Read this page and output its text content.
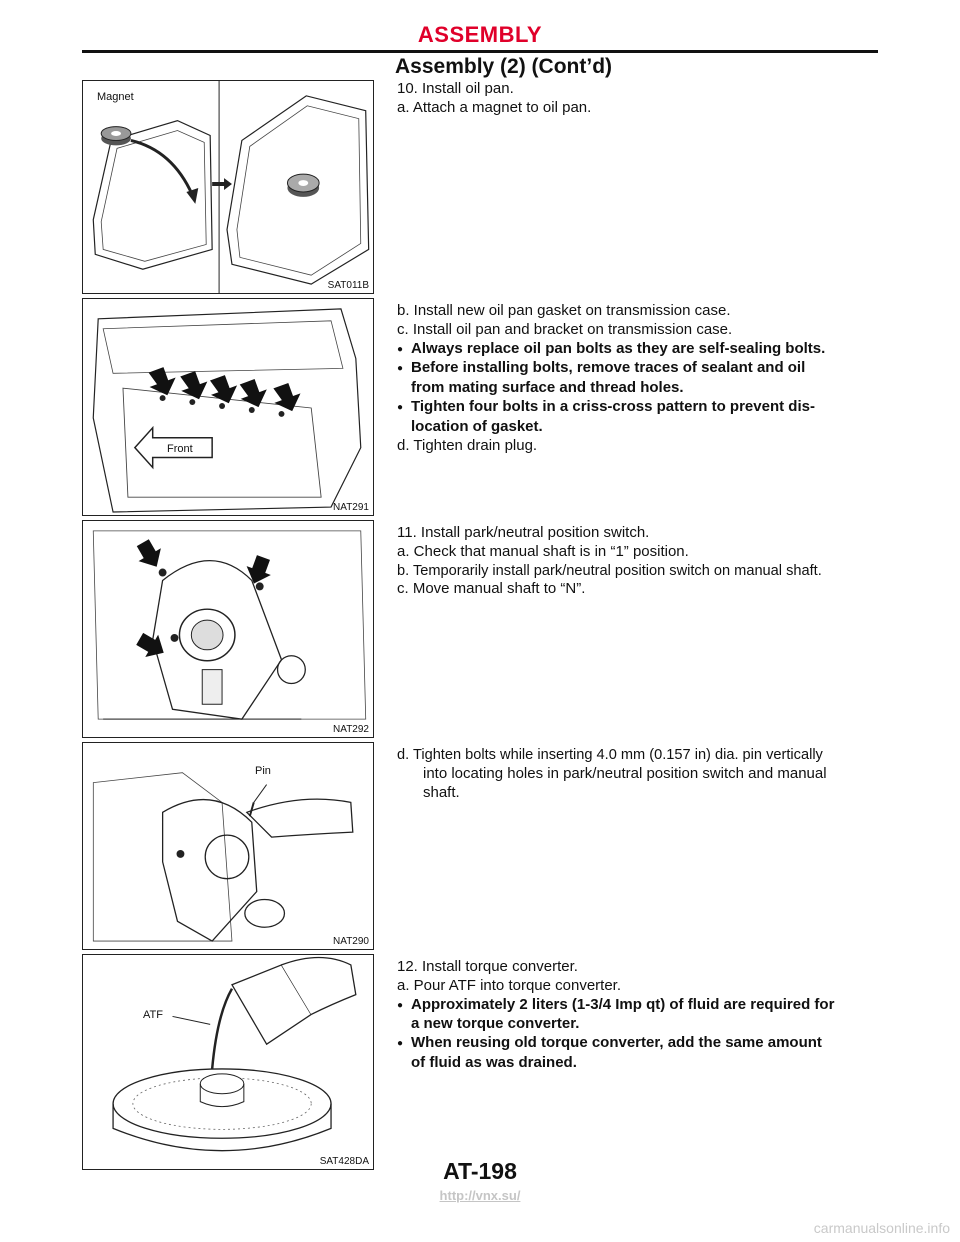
ASSEMBLY
Assembly (2) (Cont’d)
Magnet
SAT011B
Front
NAT291
NAT292
Pin
NAT290
ATF
SAT428DA
10. Install oil pan.
a. Attach a magnet to oil pan.
b. Install new oil pan gasket on transmission case.
c. Install oil pan and bracket on transmission case.
● Always replace oil pan bolts as they are self-sealing bolts.
● Before installing bolts, remove traces of sealant and oil
from mating surface and thread holes.
● Tighten four bolts in a criss-cross pattern to prevent dis-
location of gasket.
d. Tighten drain plug.
11. Install park/neutral position switch.
a. Check that manual shaft is in “1” position.
b. Temporarily install park/neutral position switch on manual shaft.
c. Move manual shaft to “N”.
d. Tighten bolts while inserting 4.0 mm (0.157 in) dia. pin vertically
into locating holes in park/neutral position switch and manual
shaft.
12. Install torque converter.
a. Pour ATF into torque converter.
● Approximately 2 liters (1-3/4 Imp qt) of fluid are required for
a new torque converter.
● When reusing old torque converter, add the same amount
of fluid as was drained.
AT-198
http://vnx.su/
carmanualsonline.info
